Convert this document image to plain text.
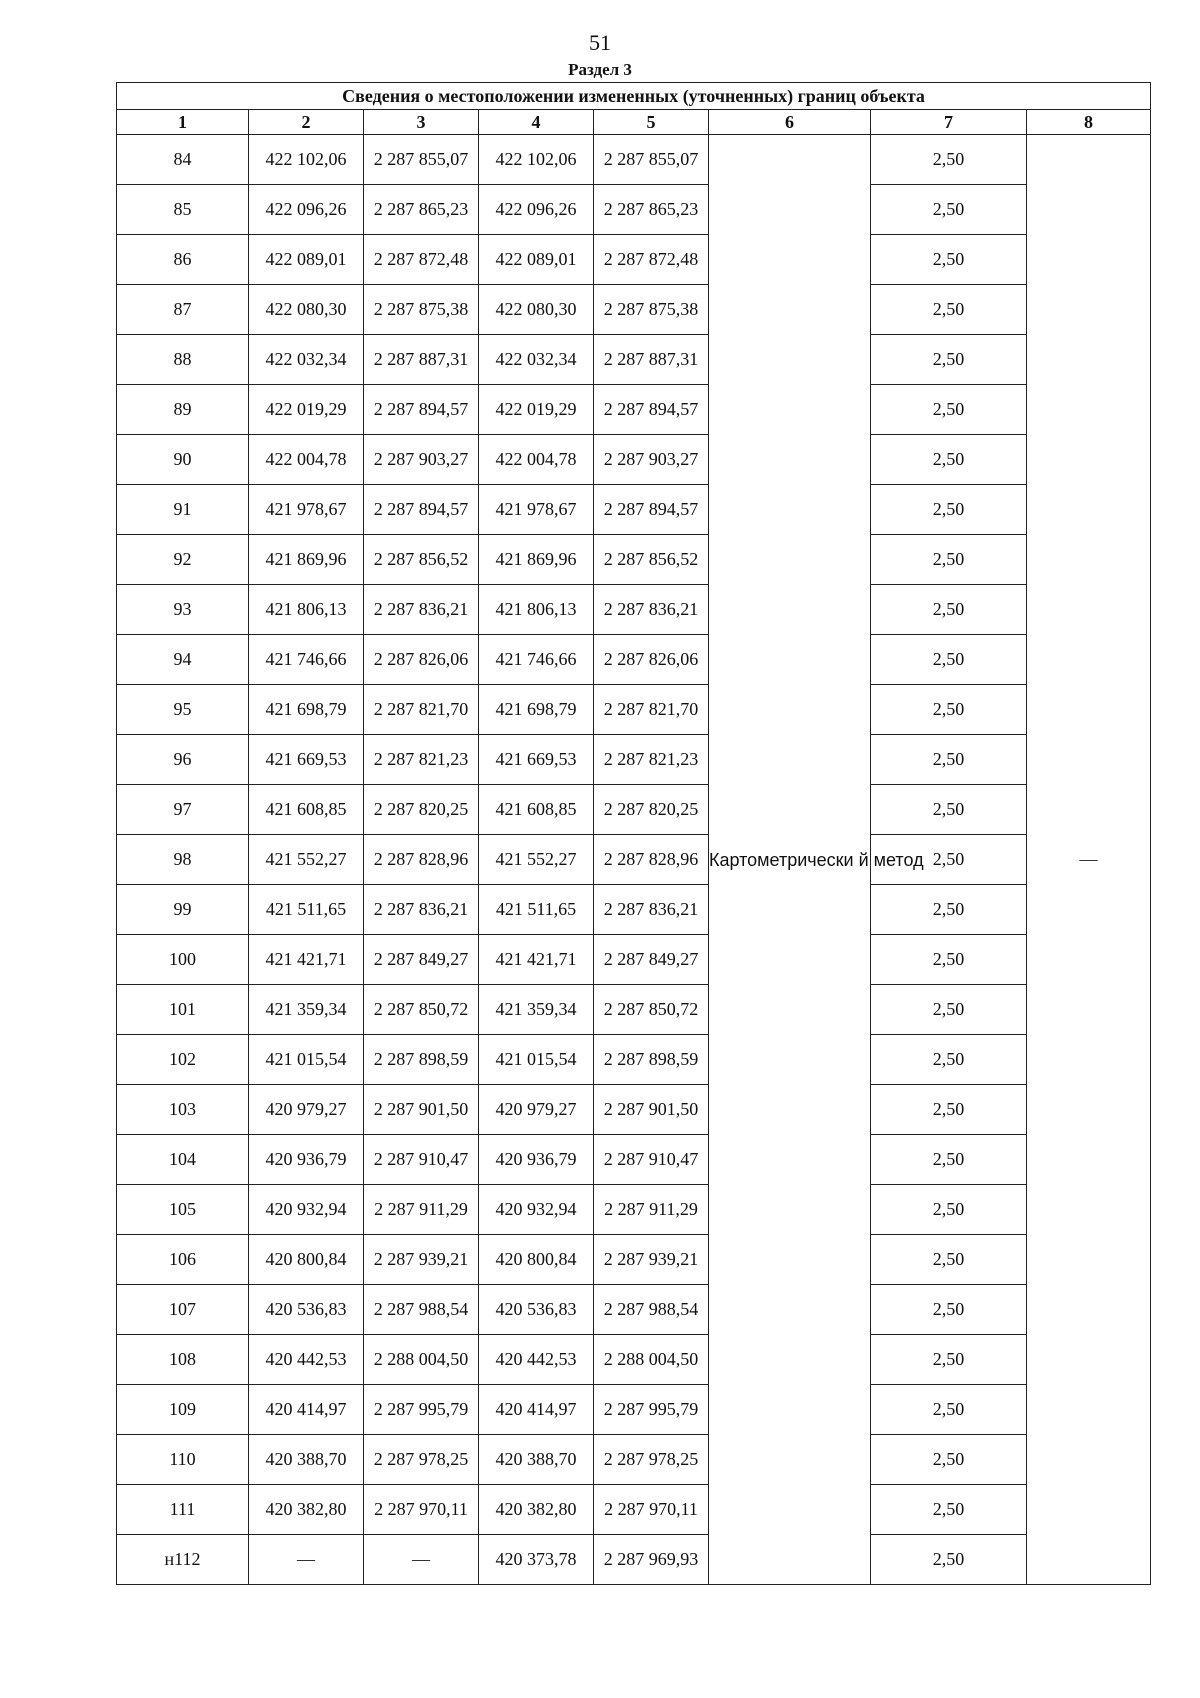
51
Раздел 3
Сведения о местоположении измененных (уточненных) границ объекта							
1	2	3	4	5	6	7	8
84	422 102,06	2 287 855,07	422 102,06	2 287 855,07	Картометрически й метод	2,50	—
85	422 096,26	2 287 865,23	422 096,26	2 287 865,23		2,50	
86	422 089,01	2 287 872,48	422 089,01	2 287 872,48		2,50	
87	422 080,30	2 287 875,38	422 080,30	2 287 875,38		2,50	
88	422 032,34	2 287 887,31	422 032,34	2 287 887,31		2,50	
89	422 019,29	2 287 894,57	422 019,29	2 287 894,57		2,50	
90	422 004,78	2 287 903,27	422 004,78	2 287 903,27		2,50	
91	421 978,67	2 287 894,57	421 978,67	2 287 894,57		2,50	
92	421 869,96	2 287 856,52	421 869,96	2 287 856,52		2,50	
93	421 806,13	2 287 836,21	421 806,13	2 287 836,21		2,50	
94	421 746,66	2 287 826,06	421 746,66	2 287 826,06		2,50	
95	421 698,79	2 287 821,70	421 698,79	2 287 821,70		2,50	
96	421 669,53	2 287 821,23	421 669,53	2 287 821,23		2,50	
97	421 608,85	2 287 820,25	421 608,85	2 287 820,25		2,50	
98	421 552,27	2 287 828,96	421 552,27	2 287 828,96		2,50	
99	421 511,65	2 287 836,21	421 511,65	2 287 836,21		2,50	
100	421 421,71	2 287 849,27	421 421,71	2 287 849,27		2,50	
101	421 359,34	2 287 850,72	421 359,34	2 287 850,72		2,50	
102	421 015,54	2 287 898,59	421 015,54	2 287 898,59		2,50	
103	420 979,27	2 287 901,50	420 979,27	2 287 901,50		2,50	
104	420 936,79	2 287 910,47	420 936,79	2 287 910,47		2,50	
105	420 932,94	2 287 911,29	420 932,94	2 287 911,29		2,50	
106	420 800,84	2 287 939,21	420 800,84	2 287 939,21		2,50	
107	420 536,83	2 287 988,54	420 536,83	2 287 988,54		2,50	
108	420 442,53	2 288 004,50	420 442,53	2 288 004,50		2,50	
109	420 414,97	2 287 995,79	420 414,97	2 287 995,79		2,50	
110	420 388,70	2 287 978,25	420 388,70	2 287 978,25		2,50	
111	420 382,80	2 287 970,11	420 382,80	2 287 970,11		2,50	
н112	—	—	420 373,78	2 287 969,93		2,50	
